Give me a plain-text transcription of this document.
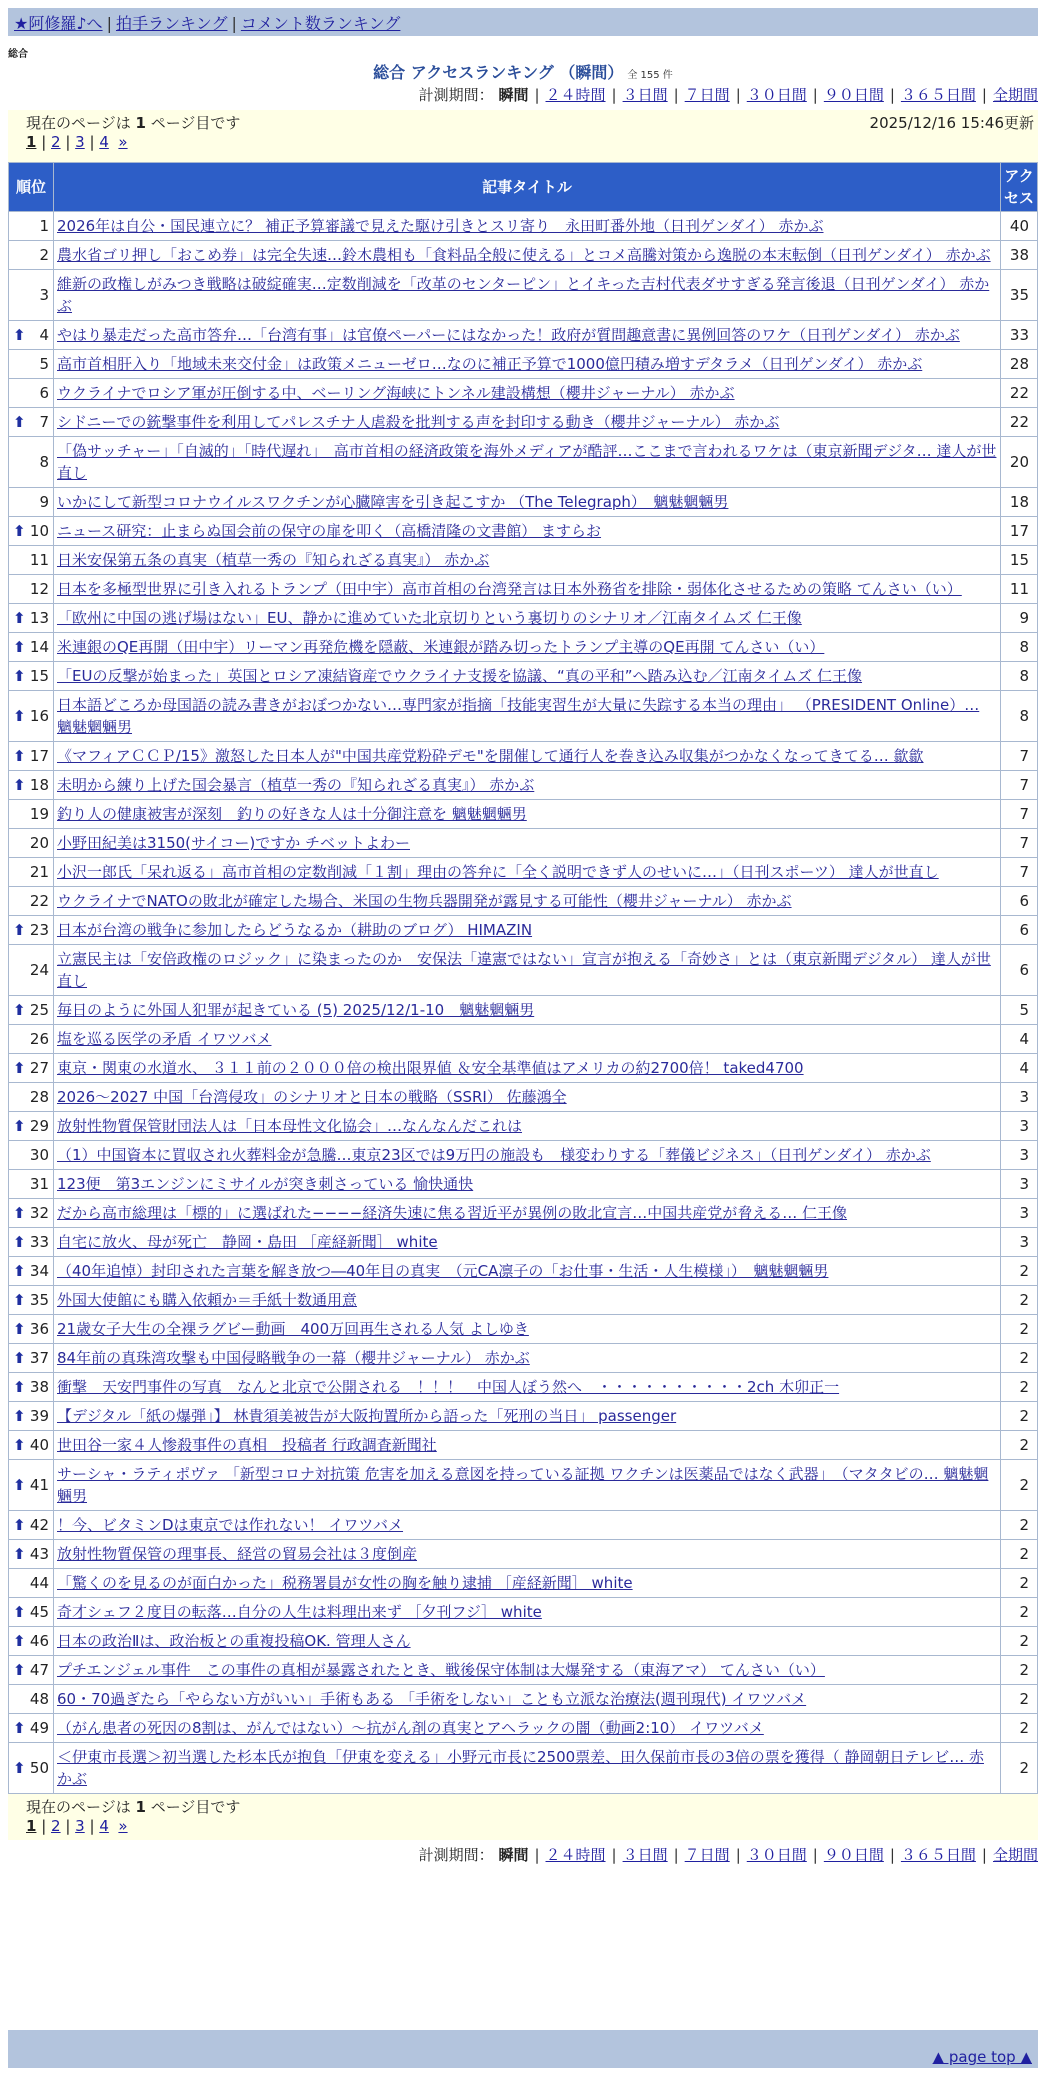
★阿修羅♪へ | 拍手ランキング | コメント数ランキング
総合
総合 アクセスランキング （瞬間） 全 155 件
計測期間： 瞬間 | ２４時間 | ３日間 | ７日間 | ３０日間 | ９０日間 | ３６５日間 | 全期間
現在のページは 1 ページ目です	2025/12/16 15:46更新
1 | 2 | 3 | 4 »
順位	記事タイトル	アクセス
1	2026年は自公・国民連立に？ 補正予算審議で見えた駆け引きとスリ寄り　永田町番外地（日刊ゲンダイ） 赤かぶ	40
2	農水省ゴリ押し「おこめ券」は完全失速…鈴木農相も「食料品全般に使える」とコメ高騰対策から逸脱の本末転倒（日刊ゲンダイ） 赤かぶ	38
3	維新の政権しがみつき戦略は破綻確実…定数削減を「改革のセンターピン」とイキった吉村代表ダサすぎる発言後退（日刊ゲンダイ） 赤かぶ	35

⬆ 4	やはり暴走だった高市答弁…「台湾有事」は官僚ペーパーにはなかった！政府が質問趣意書に異例回答のワケ（日刊ゲンダイ） 赤かぶ	33
5	高市首相肝入り「地域未来交付金」は政策メニューゼロ…なのに補正予算で1000億円積み増すデタラメ（日刊ゲンダイ） 赤かぶ	28
6	ウクライナでロシア軍が圧倒する中、ベーリング海峡にトンネル建設構想（櫻井ジャーナル） 赤かぶ	22

⬆ 7	シドニーでの銃撃事件を利用してパレスチナ人虐殺を批判する声を封印する動き（櫻井ジャーナル） 赤かぶ	22
8	「偽サッチャー」「自滅的」「時代遅れ」　高市首相の経済政策を海外メディアが酷評…ここまで言われるワケは（東京新聞デジタ… 達人が世直し	20
9	いかにして新型コロナウイルスワクチンが心臓障害を引き起こすか （The Telegraph）　魑魅魍魎男	18

⬆ 10	ニュース研究：止まらぬ国会前の保守の扉を叩く（高橋清隆の文書館） ますらお	17
11	日米安保第五条の真実（植草一秀の『知られざる真実』） 赤かぶ	15
12	日本を多極型世界に引き入れるトランプ（田中宇）高市首相の台湾発言は日本外務省を排除・弱体化させるための策略 てんさい（い）	11

⬆ 13	「欧州に中国の逃げ場はない」EU、静かに進めていた北京切りという裏切りのシナリオ／江南タイムズ 仁王像	9

⬆ 14	米連銀のQE再開（田中宇）リーマン再発危機を隠蔽、米連銀が踏み切ったトランプ主導のQE再開 てんさい（い）	8

⬆ 15	「EUの反撃が始まった」英国とロシア凍結資産でウクライナ支援を協議、“真の平和”へ踏み込む／江南タイムズ 仁王像	8

⬆ 16	日本語どころか母国語の読み書きがおぼつかない…専門家が指摘「技能実習生が大量に失踪する本当の理由」 （PRESIDENT Online）… 魑魅魍魎男	8

⬆ 17	《マフィアＣＣＰ/15》激怒した日本人が"中国共産党粉砕デモ"を開催して通行人を巻き込み収集がつかなくなってきてる… 歙歙	7

⬆ 18	未明から練り上げた国会暴言（植草一秀の『知られざる真実』） 赤かぶ	7
19	釣り人の健康被害が深刻　釣りの好きな人は十分御注意を 魑魅魍魎男	7
20	小野田紀美は3150(サイコー)ですか チベットよわー	7
21	小沢一郎氏「呆れ返る」高市首相の定数削減「１割」理由の答弁に「全く説明できず人のせいに…」（日刊スポーツ） 達人が世直し	7
22	ウクライナでNATOの敗北が確定した場合、米国の生物兵器開発が露見する可能性（櫻井ジャーナル） 赤かぶ	6

⬆ 23	日本が台湾の戦争に参加したらどうなるか（耕助のブログ） HIMAZIN	6
24	立憲民主は「安倍政権のロジック」に染まったのか　安保法「違憲ではない」宣言が抱える「奇妙さ」とは（東京新聞デジタル） 達人が世直し	6

⬆ 25	毎日のように外国人犯罪が起きている (5) 2025/12/1-10　魑魅魍魎男	5
26	塩を巡る医学の矛盾 イワツバメ	4

⬆ 27	東京・関東の水道水、 ３１１前の２０００倍の検出限界値 ＆安全基準値はアメリカの約2700倍！ taked4700	4
28	2026～2027 中国「台湾侵攻」のシナリオと日本の戦略（SSRI） 佐藤鴻全	3

⬆ 29	放射性物質保管財団法人は「日本母性文化協会」…なんなんだこれは	3
30	（1）中国資本に買収され火葬料金が急騰…東京23区では9万円の施設も　様変わりする「葬儀ビジネス」（日刊ゲンダイ） 赤かぶ	3
31	123便　第3エンジンにミサイルが突き刺さっている 愉快通快	3

⬆ 32	だから高市総理は「標的」に選ばれた−−−−経済失速に焦る習近平が異例の敗北宣言…中国共産党が脅える… 仁王像	3

⬆ 33	自宅に放火、母が死亡　静岡・島田 ［産経新聞］ white	3

⬆ 34	（40年追悼）封印された言葉を解き放つ―40年目の真実　（元CA凛子の「お仕事・生活・人生模様」）　魑魅魍魎男	2

⬆ 35	外国大使館にも購入依頼か＝手紙十数通用意	2

⬆ 36	21歳女子大生の全裸ラグビー動画　400万回再生される人気 よしゆき	2

⬆ 37	84年前の真珠湾攻撃も中国侵略戦争の一幕（櫻井ジャーナル） 赤かぶ	2

⬆ 38	衝撃　天安門事件の写真　なんと北京で公開される　！！！　中国人ぼう然へ　・・・・・・・・・・2ch 木卯正一	2

⬆ 39	【デジタル「紙の爆弾」】 林貴須美被告が大阪拘置所から語った「死刑の当日」 passenger	2

⬆ 40	世田谷一家４人惨殺事件の真相　投稿者 行政調査新聞社	2

⬆ 41	サーシャ・ラティポヴァ 「新型コロナ対抗策 危害を加える意図を持っている証拠 ワクチンは医薬品ではなく武器」　（マタタビの… 魑魅魍魎男	2

⬆ 42	！今、ビタミンDは東京では作れない！ イワツバメ	2

⬆ 43	放射性物質保管の理事長、経営の貿易会社は３度倒産	2
44	「驚くのを見るのが面白かった」税務署員が女性の胸を触り逮捕 ［産経新聞］ white	2

⬆ 45	奇才シェフ２度目の転落…自分の人生は料理出来ず ［夕刊フジ］ white	2

⬆ 46	日本の政治Ⅱは、政治板との重複投稿OK. 管理人さん	2

⬆ 47	プチエンジェル事件　この事件の真相が暴露されたとき、戦後保守体制は大爆発する（東海アマ） てんさい（い）	2
48	60・70過ぎたら「やらない方がいい」手術もある 「手術をしない」ことも立派な治療法(週刊現代) イワツバメ	2

⬆ 49	（がん患者の死因の8割は、がんではない）〜抗がん剤の真実とアヘラックの闇（動画2:10） イワツバメ	2

⬆ 50	＜伊東市長選＞初当選した杉本氏が抱負「伊東を変える」小野元市長に2500票差、田久保前市長の3倍の票を獲得（ 静岡朝日テレビ… 赤かぶ	2
現在のページは 1 ページ目です
1 | 2 | 3 | 4 »
計測期間： 瞬間 | ２４時間 | ３日間 | ７日間 | ３０日間 | ９０日間 | ３６５日間 | 全期間
▲ page top ▲
